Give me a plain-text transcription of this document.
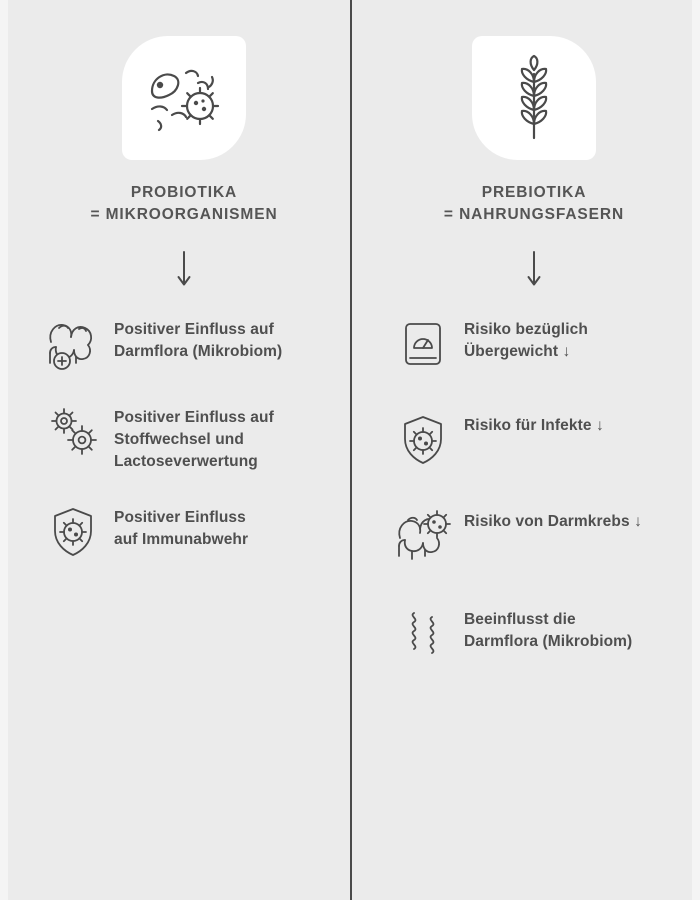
PROBIOTIKA
= MIKROORGANISMEN
Positiver Einfluss auf
Darmflora (Mikrobiom)
Positiver Einfluss auf
Stoffwechsel und
Lactoseverwertung
Positiver Einfluss
auf Immunabwehr
PREBIOTIKA
= NAHRUNGSFASERN
Risiko bezüglich
Übergewicht ↓
Risiko für Infekte ↓
Risiko von Darmkrebs ↓
Beeinflusst die
Darmflora (Mikrobiom)
